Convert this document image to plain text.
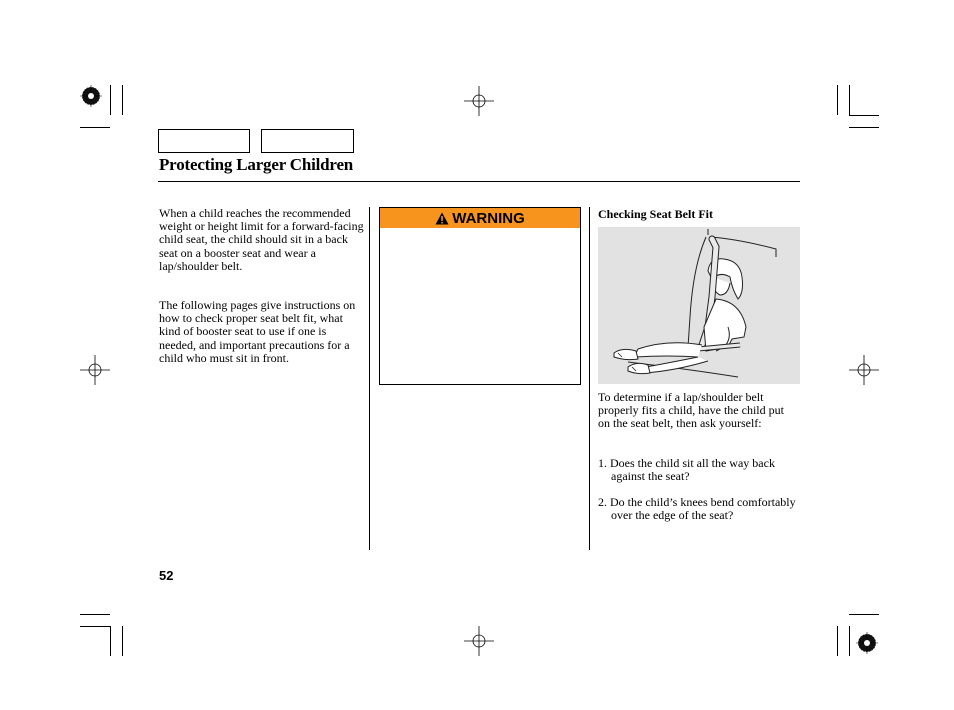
Protecting Larger Children
When a child reaches the recommended weight or height limit for a forward-facing child seat, the child should sit in a back seat on a booster seat and wear a lap/shoulder belt.
The following pages give instructions on how to check proper seat belt fit, what kind of booster seat to use if one is needed, and important precautions for a child who must sit in front.
WARNING	Checking Seat Belt Fit
To determine if a lap/shoulder belt properly fits a child, have the child put on the seat belt, then ask yourself:
1. Does the child sit all the way back against the seat?
2. Do the child’s knees bend comfortably over the edge of the seat?
52
